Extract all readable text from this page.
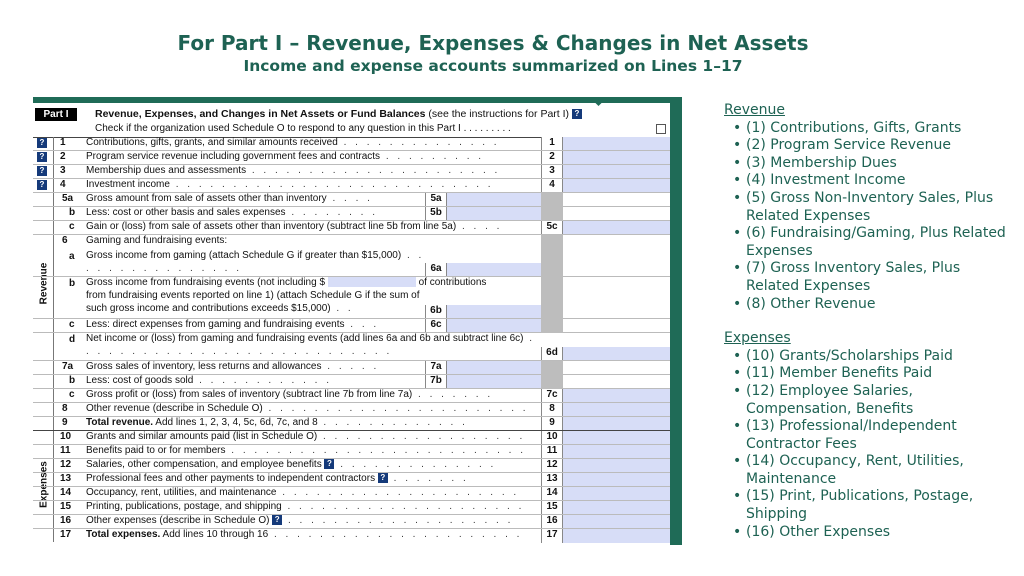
For Part I – Revenue, Expenses & Changes in Net Assets
Income and expense accounts summarized on Lines 1–17
Part I	Revenue, Expenses, and Changes in Net Assets or Fund Balances (see the instructions for Part I) ?
Check if the organization used Schedule O to respond to any question in this Part I . . . . . . . . .
Revenue
Expenses
? 1	Contributions, gifts, grants, and similar amounts received . . . . . . . . . . . . . .	1
? 2	Program service revenue including government fees and contracts . . . . . . . . .	2
? 3	Membership dues and assessments . . . . . . . . . . . . . . . . . . . . . .	3
? 4	Investment income . . . . . . . . . . . . . . . . . . . . . . . . . . . .	4
5a	Gross amount from sale of assets other than inventory . . . .	5a
b	Less: cost or other basis and sales expenses . . . . . . . .	5b
c	Gain or (loss) from sale of assets other than inventory (subtract line 5b from line 5a) . . . .	5c
6	Gaming and fundraising events:
a	Gross income from gaming (attach Schedule G if greater than $15,000) . . . . . . . . . . . . . . . .	6a
b	Gross income from fundraising events (not including $	of contributions
from fundraising events reported on line 1) (attach Schedule G if the sum of such gross income and contributions exceeds $15,000) . .	6b
c	Less: direct expenses from gaming and fundraising events . . .	6c
d	Net income or (loss) from gaming and fundraising events (add lines 6a and 6b and subtract line 6c) . . . . . . . . . . . . . . . . . . . . . . . . . . . .	6d
7a	Gross sales of inventory, less returns and allowances . . . . .	7a
b	Less: cost of goods sold . . . . . . . . . . . .	7b
c	Gross profit or (loss) from sales of inventory (subtract line 7b from line 7a) . . . . . . .	7c
8	Other revenue (describe in Schedule O) . . . . . . . . . . . . . . . . . . . . . . .	8
9	Total revenue. Add lines 1, 2, 3, 4, 5c, 6d, 7c, and 8 . . . . . . . . . . . . .	9
10	Grants and similar amounts paid (list in Schedule O) . . . . . . . . . . . . . . . . . .	10
11	Benefits paid to or for members . . . . . . . . . . . . . . . . . . . . . . . . . .	11
12	Salaries, other compensation, and employee benefits ? . . . . . . . . . . . . . .	12
13	Professional fees and other payments to independent contractors ? . . . . . . .	13
14	Occupancy, rent, utilities, and maintenance . . . . . . . . . . . . . . . . . . . . .	14
15	Printing, publications, postage, and shipping . . . . . . . . . . . . . . . . . . . . .	15
16	Other expenses (describe in Schedule O) ? . . . . . . . . . . . . . . . . . . . .	16
17	Total expenses. Add lines 10 through 16 . . . . . . . . . . . . . . . . . . . . . .	17
Revenue
• (1) Contributions, Gifts, Grants
• (2) Program Service Revenue
• (3) Membership Dues
• (4) Investment Income
• (5) Gross Non-Inventory Sales, Plus Related Expenses
• (6) Fundraising/Gaming, Plus Related Expenses
• (7) Gross Inventory Sales, Plus Related Expenses
• (8) Other Revenue
Expenses
• (10) Grants/Scholarships Paid
• (11) Member Benefits Paid
• (12) Employee Salaries, Compensation, Benefits
• (13) Professional/Independent Contractor Fees
• (14) Occupancy, Rent, Utilities, Maintenance
• (15) Print, Publications, Postage, Shipping
• (16) Other Expenses
